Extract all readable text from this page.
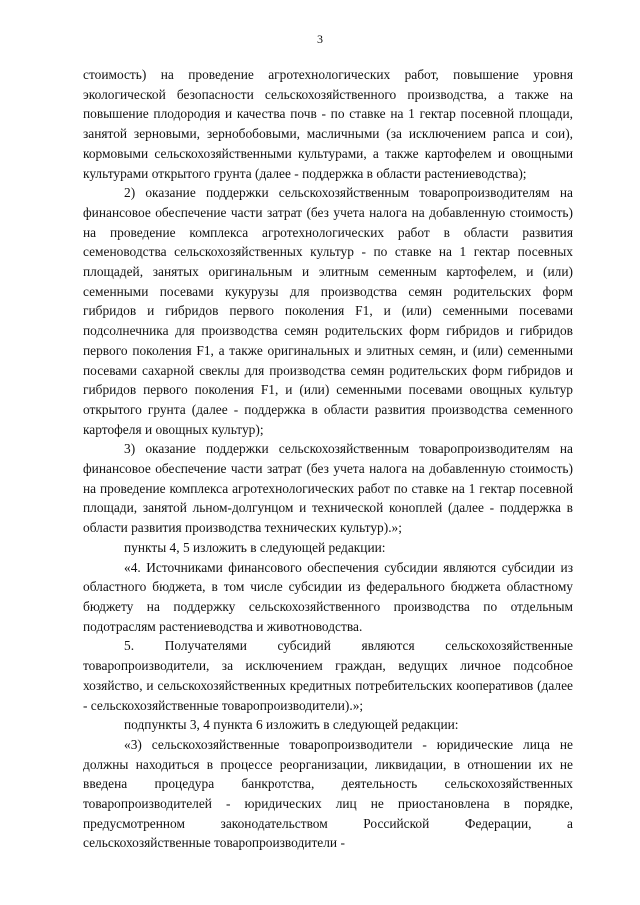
3

стоимость) на проведение агротехнологических работ, повышение уровня экологической безопасности сельскохозяйственного производства, а также на повышение плодородия и качества почв - по ставке на 1 гектар посевной площади, занятой зерновыми, зернобобовыми, масличными (за исключением рапса и сои), кормовыми сельскохозяйственными культурами, а также картофелем и овощными культурами открытого грунта (далее - поддержка в области растениеводства);

2) оказание поддержки сельскохозяйственным товаропроизводителям на финансовое обеспечение части затрат (без учета налога на добавленную стоимость) на проведение комплекса агротехнологических работ в области развития семеноводства сельскохозяйственных культур - по ставке на 1 гектар посевных площадей, занятых оригинальным и элитным семенным картофелем, и (или) семенными посевами кукурузы для производства семян родительских форм гибридов и гибридов первого поколения F1, и (или) семенными посевами подсолнечника для производства семян родительских форм гибридов и гибридов первого поколения F1, а также оригинальных и элитных семян, и (или) семенными посевами сахарной свеклы для производства семян родительских форм гибридов и гибридов первого поколения F1, и (или) семенными посевами овощных культур открытого грунта (далее - поддержка в области развития производства семенного картофеля и овощных культур);

3) оказание поддержки сельскохозяйственным товаропроизводителям на финансовое обеспечение части затрат (без учета налога на добавленную стоимость) на проведение комплекса агротехнологических работ по ставке на 1 гектар посевной площади, занятой льном-долгунцом и технической коноплей (далее - поддержка в области развития производства технических культур).»;

пункты 4, 5 изложить в следующей редакции:

«4. Источниками финансового обеспечения субсидии являются субсидии из областного бюджета, в том числе субсидии из федерального бюджета областному бюджету на поддержку сельскохозяйственного производства по отдельным подотраслям растениеводства и животноводства.

5. Получателями субсидий являются сельскохозяйственные товаропроизводители, за исключением граждан, ведущих личное подсобное хозяйство, и сельскохозяйственных кредитных потребительских кооперативов (далее - сельскохозяйственные товаропроизводители).»;

подпункты 3, 4 пункта 6 изложить в следующей редакции:

«3) сельскохозяйственные товаропроизводители - юридические лица не должны находиться в процессе реорганизации, ликвидации, в отношении их не введена процедура банкротства, деятельность сельскохозяйственных товаропроизводителей - юридических лиц не приостановлена в порядке, предусмотренном законодательством Российской Федерации, а сельскохозяйственные товаропроизводители -
